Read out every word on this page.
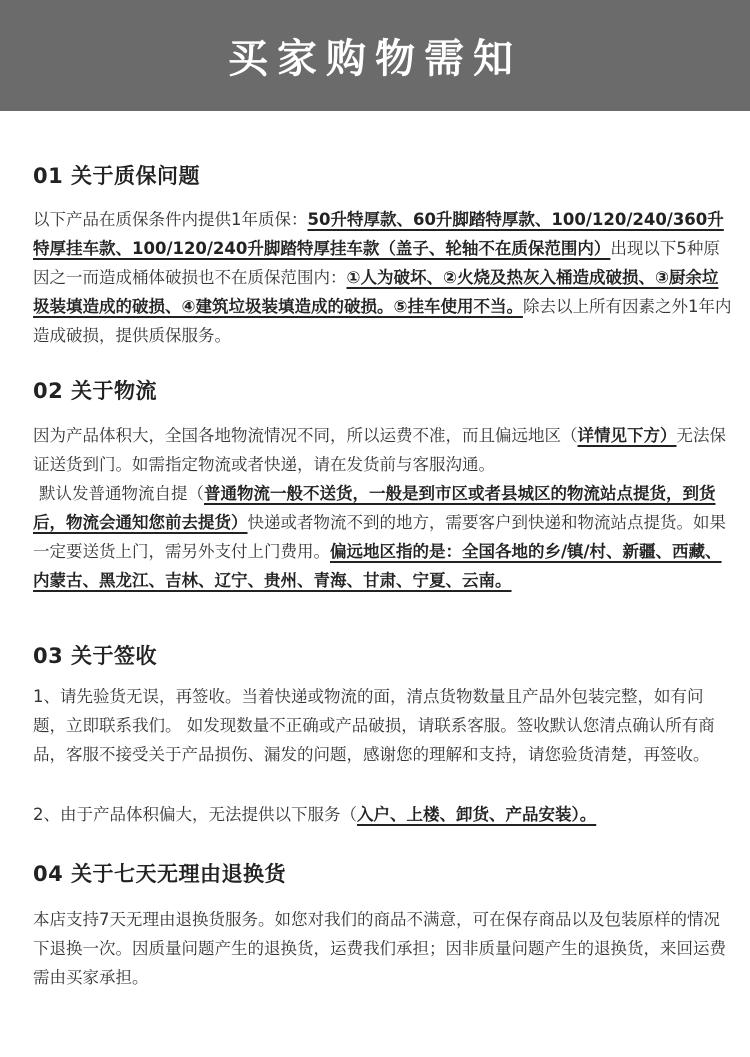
买家购物需知
01 关于质保问题
以下产品在质保条件内提供1年质保：50升特厚款、60升脚踏特厚款、100/120/240/360升特厚挂车款、100/120/240升脚踏特厚挂车款（盖子、轮轴不在质保范围内）出现以下5种原因之一而造成桶体破损也不在质保范围内：①人为破坏、②火烧及热灰入桶造成破损、③厨余垃圾装填造成的破损、④建筑垃圾装填造成的破损。⑤挂车使用不当。除去以上所有因素之外1年内造成破损，提供质保服务。
02 关于物流
因为产品体积大，全国各地物流情况不同，所以运费不准，而且偏远地区（详情见下方）无法保证送货到门。如需指定物流或者快递，请在发货前与客服沟通。
默认发普通物流自提（普通物流一般不送货，一般是到市区或者县城区的物流站点提货，到货后，物流会通知您前去提货）快递或者物流不到的地方，需要客户到快递和物流站点提货。如果一定要送货上门，需另外支付上门费用。偏远地区指的是：全国各地的乡/镇/村、新疆、西藏、内蒙古、黑龙江、吉林、辽宁、贵州、青海、甘肃、宁夏、云南。
03 关于签收
1、请先验货无误，再签收。当着快递或物流的面，清点货物数量且产品外包装完整，如有问题，立即联系我们。 如发现数量不正确或产品破损，请联系客服。签收默认您清点确认所有商品，客服不接受关于产品损伤、漏发的问题，感谢您的理解和支持，请您验货清楚，再签收。
2、由于产品体积偏大，无法提供以下服务（入户、上楼、卸货、产品安装）。
04 关于七天无理由退换货
本店支持7天无理由退换货服务。如您对我们的商品不满意，可在保存商品以及包装原样的情况下退换一次。因质量问题产生的退换货，运费我们承担；因非质量问题产生的退换货，来回运费需由买家承担。
